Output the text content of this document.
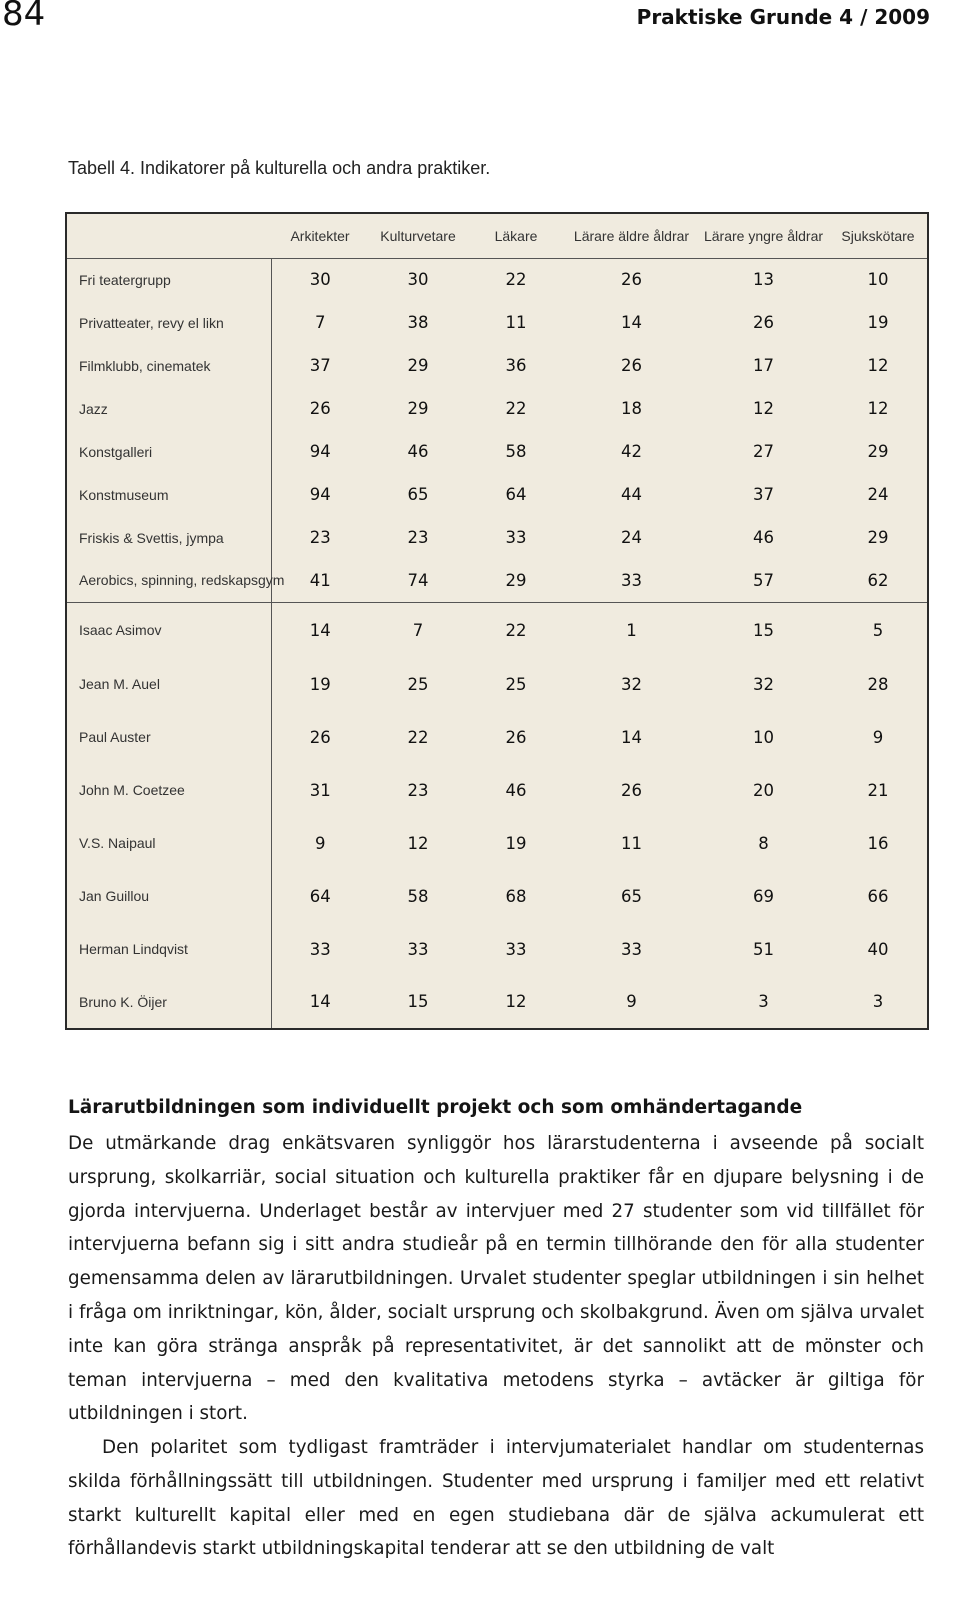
84	Praktiske Grunde 4 / 2009
Tabell 4. Indikatorer på kulturella och andra praktiker.
	Arkitekter	Kulturvetare	Läkare	Lärare äldre åldrar	Lärare yngre åldrar	Sjukskötare
Fri teatergrupp	30	30	22	26	13	10
Privatteater, revy el likn	7	38	11	14	26	19
Filmklubb, cinematek	37	29	36	26	17	12
Jazz	26	29	22	18	12	12
Konstgalleri	94	46	58	42	27	29
Konstmuseum	94	65	64	44	37	24
Friskis & Svettis, jympa	23	23	33	24	46	29
Aerobics, spinning, redskapsgym	41	74	29	33	57	62
Isaac Asimov	14	7	22	1	15	5
Jean M. Auel	19	25	25	32	32	28
Paul Auster	26	22	26	14	10	9
John M. Coetzee	31	23	46	26	20	21
V.S. Naipaul	9	12	19	11	8	16
Jan Guillou	64	58	68	65	69	66
Herman Lindqvist	33	33	33	33	51	40
Bruno K. Öijer	14	15	12	9	3	3
Lärarutbildningen som individuellt projekt och som omhändertagande

De utmärkande drag enkätsvaren synliggör hos lärarstudenterna i avseende på socialt ursprung, skolkarriär, social situation och kulturella praktiker får en djupare belysning i de gjorda intervjuerna. Underlaget består av intervjuer med 27 studenter som vid tillfället för intervjuerna befann sig i sitt andra studieår på en termin tillhörande den för alla studenter gemensamma delen av lärarutbildningen. Urvalet studenter speglar utbildningen i sin helhet i fråga om inriktningar, kön, ålder, socialt ursprung och skolbakgrund. Även om själva urvalet inte kan göra stränga anspråk på representativitet, är det sannolikt att de mönster och teman intervjuerna – med den kvalitativa metodens styrka – avtäcker är giltiga för utbildningen i stort.

Den polaritet som tydligast framträder i intervjumaterialet handlar om studenternas skilda förhållningssätt till utbildningen. Studenter med ursprung i familjer med ett relativt starkt kulturellt kapital eller med en egen studiebana där de själva ackumulerat ett förhållandevis starkt utbildningskapital tenderar att se den utbildning de valt
